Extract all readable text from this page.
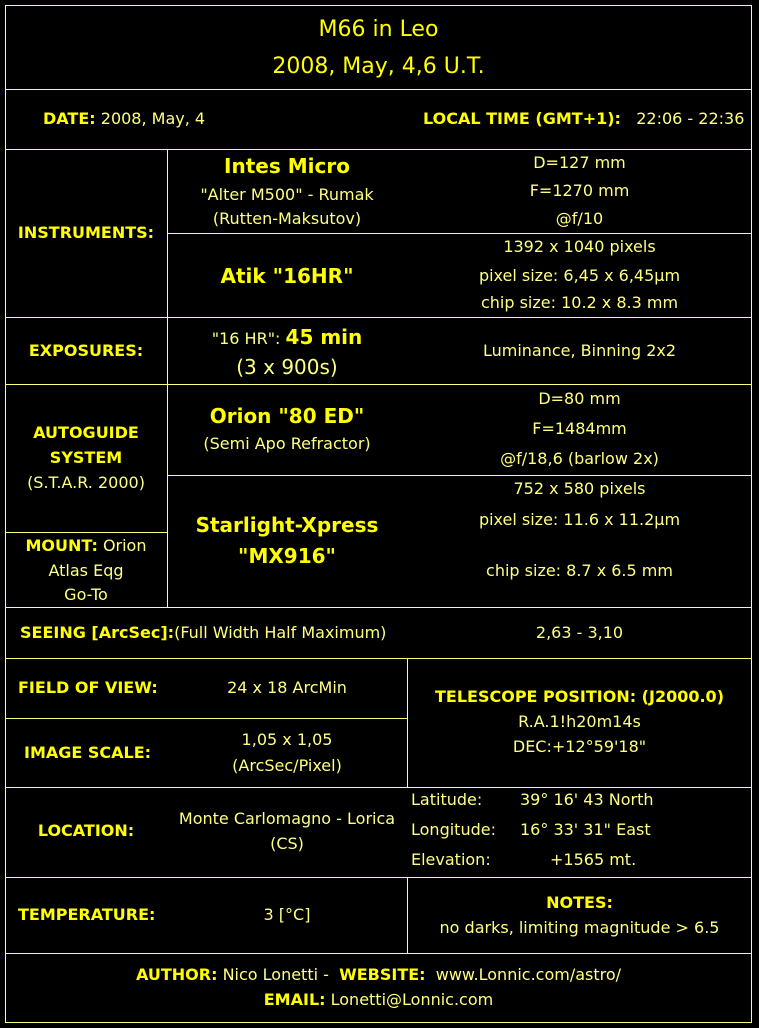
M66 in Leo
2008, May, 4,6 U.T.
DATE: 2008, May, 4	LOCAL TIME (GMT+1): 22:06 - 22:36
INSTRUMENTS:
Intes Micro
"Alter M500" - Rumak
(Rutten-Maksutov)
D=127 mm
F=1270 mm
@f/10
Atik "16HR"
1392 x 1040 pixels
pixel size: 6,45 x 6,45µm
chip size: 10.2 x 8.3 mm
EXPOSURES:
"16 HR": 45 min
(3 x 900s)
Luminance, Binning 2x2
AUTOGUIDE
SYSTEM
(S.T.A.R. 2000)
Orion "80 ED"
(Semi Apo Refractor)
D=80 mm
F=1484mm
@f/18,6 (barlow 2x)
Starlight-Xpress
"MX916"
752 x 580 pixels
pixel size: 11.6 x 11.2µm
chip size: 8.7 x 6.5 mm
MOUNT: Orion
Atlas Eqg
Go-To
SEEING [ArcSec]:(Full Width Half Maximum)	2,63 - 3,10
FIELD OF VIEW:	24 x 18 ArcMin
IMAGE SCALE:
1,05 x 1,05
(ArcSec/Pixel)
TELESCOPE POSITION: (J2000.0)
R.A.1!h20m14s
DEC:+12°59'18"
LOCATION:
Monte Carlomagno - Lorica
(CS)
Latitude: 39° 16' 43 North
Longitude: 16° 33' 31" East
Elevation:	+1565 mt.
TEMPERATURE:	3 [°C]
NOTES:
no darks, limiting magnitude > 6.5
AUTHOR: Nico Lonetti - WEBSITE: www.Lonnic.com/astro/
EMAIL: Lonetti@Lonnic.com
